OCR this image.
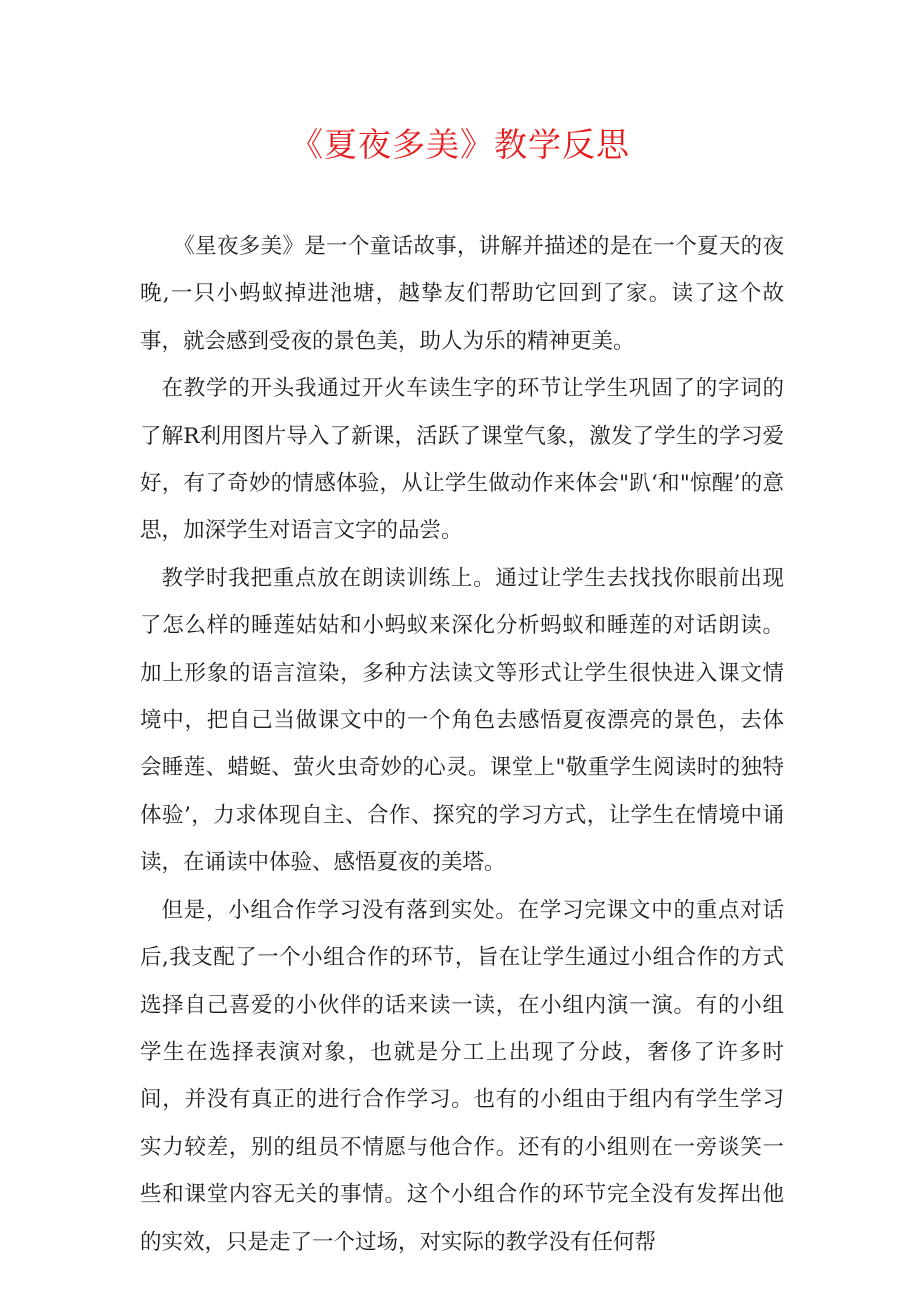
《夏夜多美》教学反思

《星夜多美》是一个童话故事，讲解并描述的是在一个夏天的夜晚,一只小蚂蚁掉进池塘，越挚友们帮助它回到了家。读了这个故事，就会感到受夜的景色美，助人为乐的精神更美。

在教学的开头我通过开火车读生字的环节让学生巩固了的字词的了解R利用图片导入了新课，活跃了课堂气象，激发了学生的学习爱好，有了奇妙的情感体验，从让学生做动作来体会"趴‘和"惊醒’的意思，加深学生对语言文字的品尝。

教学时我把重点放在朗读训练上。通过让学生去找找你眼前出现了怎么样的睡莲姑姑和小蚂蚁来深化分析蚂蚁和睡莲的对话朗读。加上形象的语言渲染，多种方法读文等形式让学生很快进入课文情境中，把自己当做课文中的一个角色去感悟夏夜漂亮的景色，去体会睡莲、蜡蜓、萤火虫奇妙的心灵。课堂上"敬重学生阅读时的独特体验’，力求体现自主、合作、探究的学习方式，让学生在情境中诵读，在诵读中体验、感悟夏夜的美塔。

但是，小组合作学习没有落到实处。在学习完课文中的重点对话后,我支配了一个小组合作的环节，旨在让学生通过小组合作的方式选择自己喜爱的小伙伴的话来读一读，在小组内演一演。有的小组学生在选择表演对象，也就是分工上出现了分歧，奢侈了许多时间，并没有真正的进行合作学习。也有的小组由于组内有学生学习实力较差，别的组员不情愿与他合作。还有的小组则在一旁谈笑一些和课堂内容无关的事情。这个小组合作的环节完全没有发挥出他的实效，只是走了一个过场，对实际的教学没有任何帮
